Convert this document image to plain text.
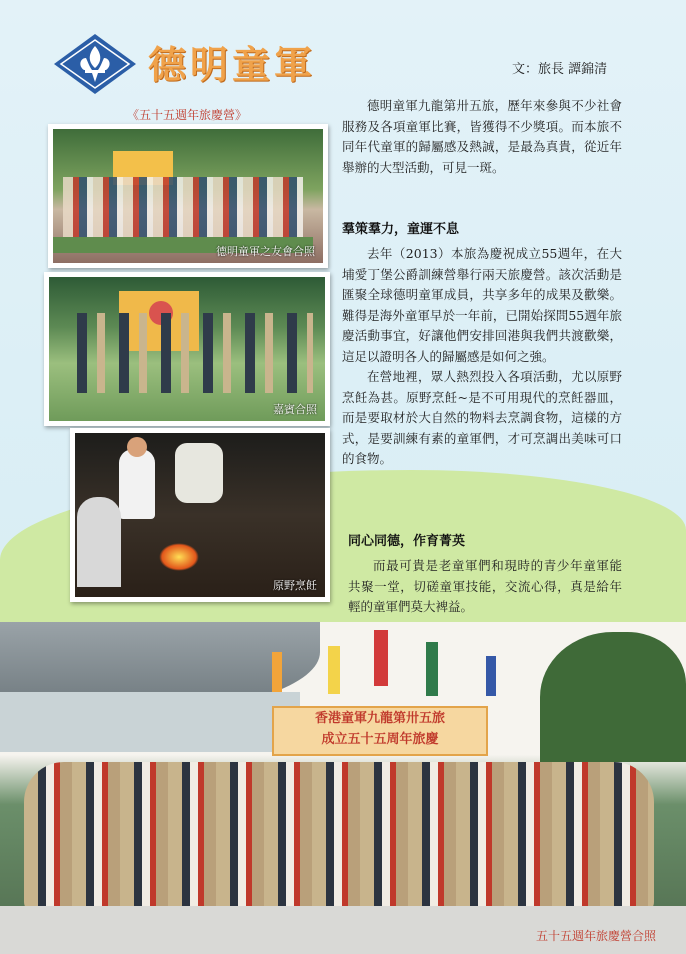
德明童軍	文：旅長 譚錦清
《五十五週年旅慶營》
德明童軍之友會合照
嘉賓合照
原野烹飪

德明童軍九龍第卅五旅，歷年來參與不少社會服務及各項童軍比賽，皆獲得不少獎項。而本旅不同年代童軍的歸屬感及熱誠，是最為真貴，從近年舉辦的大型活動，可見一斑。

羣策羣力，童運不息

去年（2013）本旅為慶祝成立55週年，在大埔愛丁堡公爵訓練營舉行兩天旅慶營。該次活動是匯聚全球德明童軍成員，共享多年的成果及歡樂。難得是海外童軍早於一年前，已開始探問55週年旅慶活動事宜，好讓他們安排回港與我們共渡歡樂，這足以證明各人的歸屬感是如何之強。

在營地裡，眾人熱烈投入各項活動，尤以原野烹飪為甚。原野烹飪~是不可用現代的烹飪器皿，而是要取材於大自然的物料去烹調食物，這樣的方式，是要訓練有素的童軍們，才可烹調出美味可口的食物。

同心同德，作育菁英

而最可貴是老童軍們和現時的青少年童軍能共聚一堂，切磋童軍技能，交流心得，真是給年輕的童軍們莫大裨益。

香港童軍九龍第卅五旅
成立五十五周年旅慶
五十五週年旅慶營合照
